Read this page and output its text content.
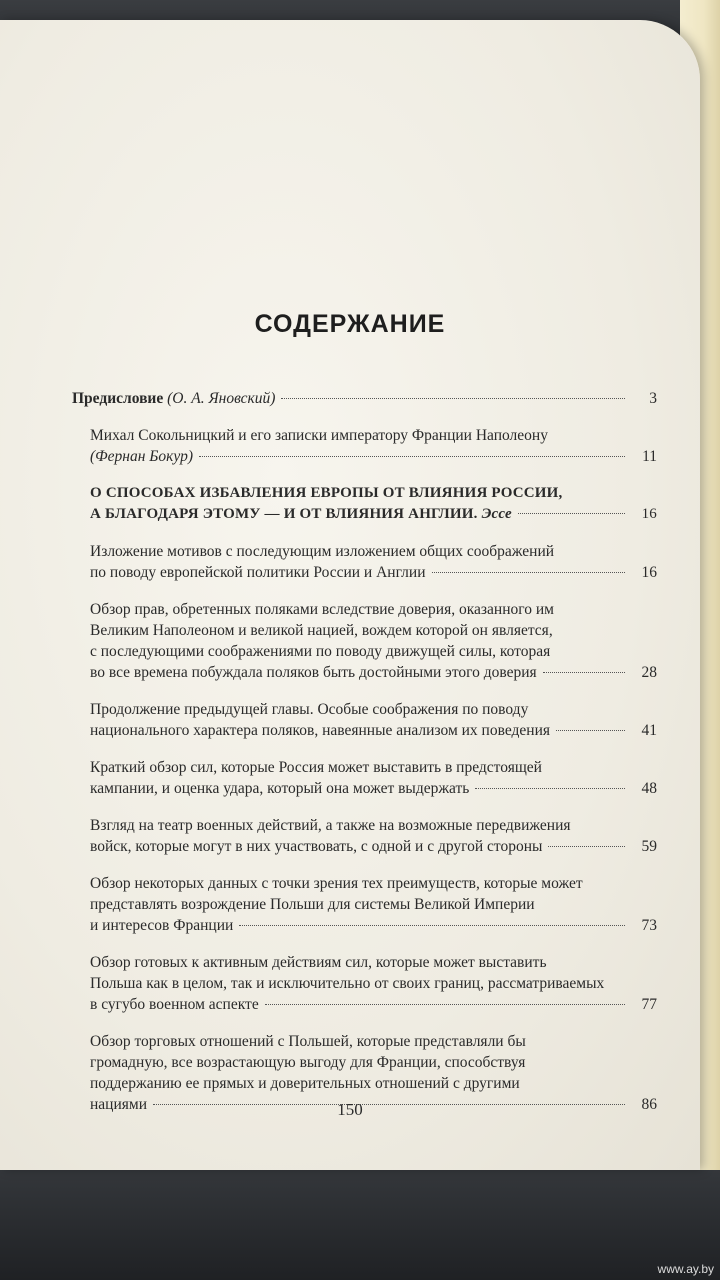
СОДЕРЖАНИЕ
Предисловие (О. А. Яновский)	3
Михал Сокольницкий и его записки императору Франции Наполеону
(Фернан Бокур)	11
О СПОСОБАХ ИЗБАВЛЕНИЯ ЕВРОПЫ ОТ ВЛИЯНИЯ РОССИИ,
А БЛАГОДАРЯ ЭТОМУ — И ОТ ВЛИЯНИЯ АНГЛИИ. Эссе	16
Изложение мотивов с последующим изложением общих соображений
по поводу европейской политики России и Англии	16
Обзор прав, обретенных поляками вследствие доверия, оказанного им
Великим Наполеоном и великой нацией, вождем которой он является,
с последующими соображениями по поводу движущей силы, которая
во все времена побуждала поляков быть достойными этого доверия	28
Продолжение предыдущей главы. Особые соображения по поводу
национального характера поляков, навеянные анализом их поведения	41
Краткий обзор сил, которые Россия может выставить в предстоящей
кампании, и оценка удара, который она может выдержать	48
Взгляд на театр военных действий, а также на возможные передвижения
войск, которые могут в них участвовать, с одной и с другой стороны	59
Обзор некоторых данных с точки зрения тех преимуществ, которые может
представлять возрождение Польши для системы Великой Империи
и интересов Франции	73
Обзор готовых к активным действиям сил, которые может выставить
Польша как в целом, так и исключительно от своих границ, рассматриваемых
в сугубо военном аспекте	77
Обзор торговых отношений с Польшей, которые представляли бы
громадную, все возрастающую выгоду для Франции, способствуя
поддержанию ее прямых и доверительных отношений с другими
нациями	86
150
www.ay.by
